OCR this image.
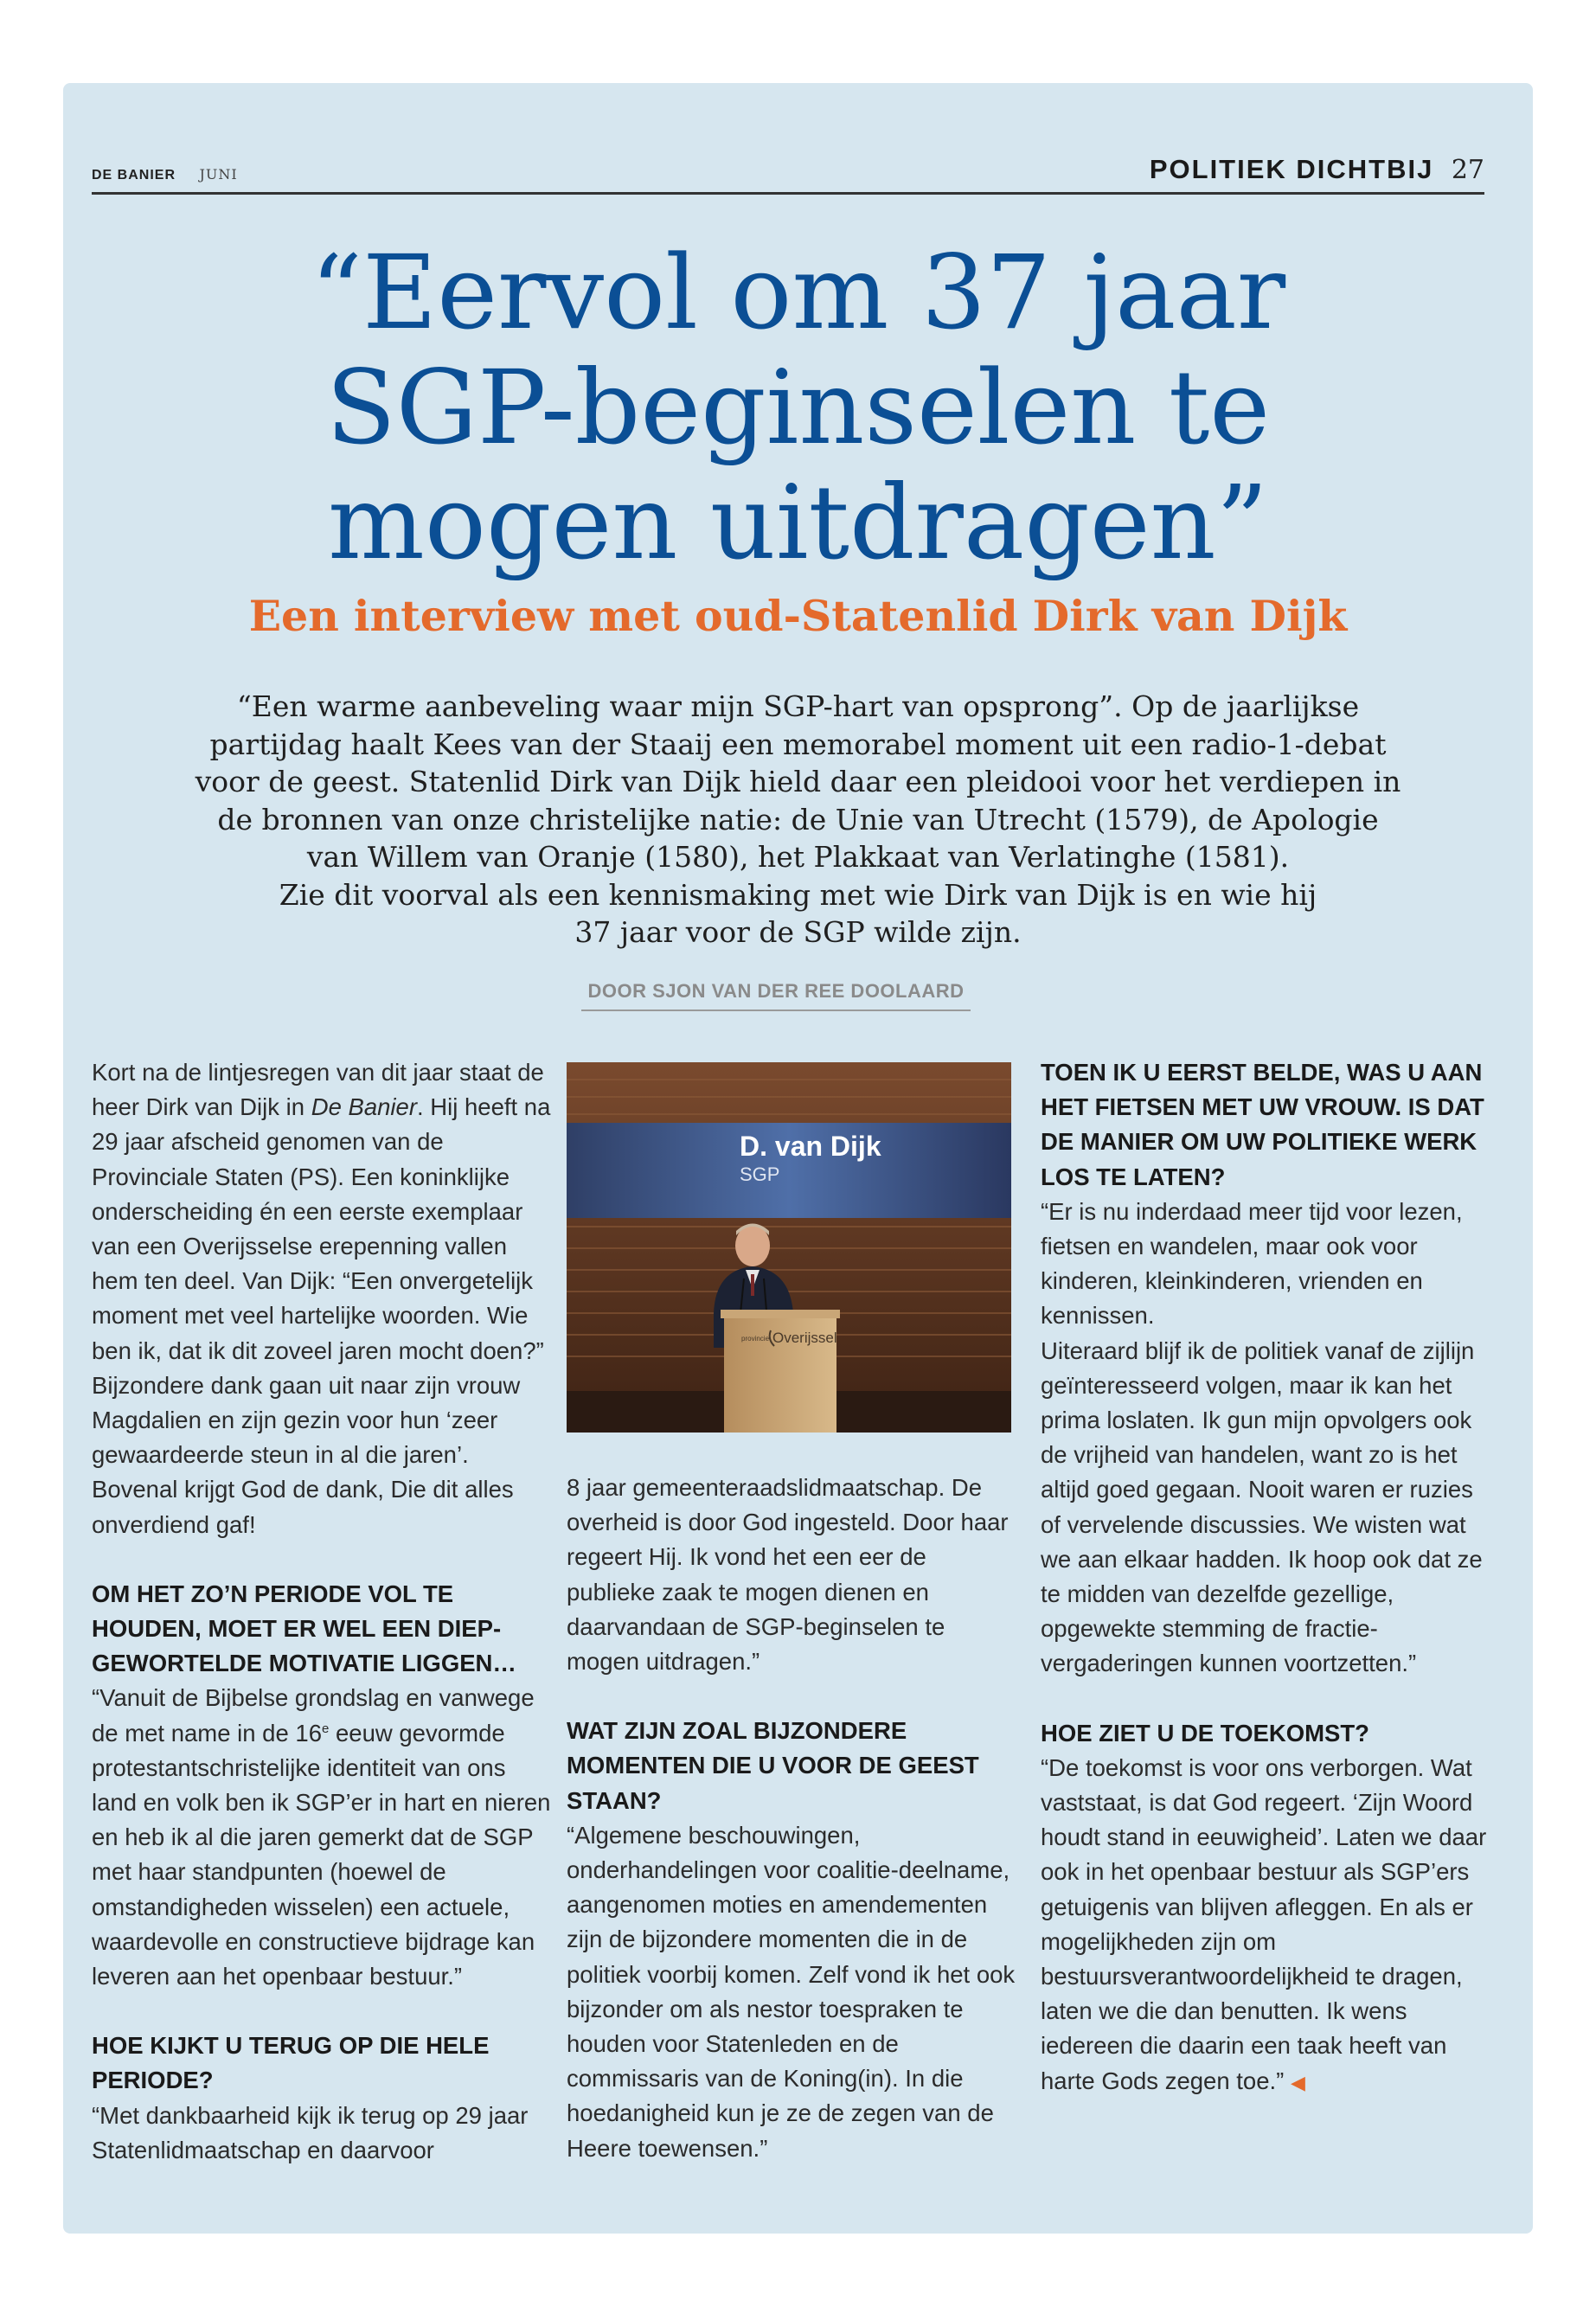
DE BANIER JUNI	POLITIEK DICHTBIJ 27
“Eervol om 37 jaar
SGP-beginselen te
mogen uitdragen”
Een interview met oud-Statenlid Dirk van Dijk
“Een warme aanbeveling waar mijn SGP-hart van opsprong”. Op de jaarlijkse
partijdag haalt Kees van der Staaij een memorabel moment uit een radio-1-debat
voor de geest. Statenlid Dirk van Dijk hield daar een pleidooi voor het verdiepen in
de bronnen van onze christelijke natie: de Unie van Utrecht (1579), de Apologie
van Willem van Oranje (1580), het Plakkaat van Verlatinghe (1581).
Zie dit voorval als een kennismaking met wie Dirk van Dijk is en wie hij
37 jaar voor de SGP wilde zijn.
DOOR SJON VAN DER REE DOOLAARD

Kort na de lintjesregen van dit jaar staat de heer Dirk van Dijk in De Banier. Hij heeft na 29 jaar afscheid genomen van de Provinciale Staten (PS). Een koninklijke onderscheiding én een eerste exemplaar van een Overijsselse erepenning vallen hem ten deel. Van Dijk: “Een onvergetelijk moment met veel hartelijke woorden. Wie ben ik, dat ik dit zoveel jaren mocht doen?” Bijzondere dank gaan uit naar zijn vrouw Magdalien en zijn gezin voor hun ‘zeer gewaardeerde steun in al die jaren’. Bovenal krijgt God de dank, Die dit alles onverdiend gaf!

OM HET ZO’N PERIODE VOL TE HOUDEN, MOET ER WEL EEN DIEP-GEWORTELDE MOTIVATIE LIGGEN…

“Vanuit de Bijbelse grondslag en vanwege de met name in de 16e eeuw gevormde protestantschristelijke identiteit van ons land en volk ben ik SGP’er in hart en nieren en heb ik al die jaren gemerkt dat de SGP met haar standpunten (hoewel de omstandigheden wisselen) een actuele, waardevolle en constructieve bijdrage kan leveren aan het openbaar bestuur.”

HOE KIJKT U TERUG OP DIE HELE PERIODE?

“Met dankbaarheid kijk ik terug op 29 jaar Statenlidmaatschap en daarvoor

D. van Dijk
SGP
provincie Overijssel

8 jaar gemeenteraadslidmaatschap. De overheid is door God ingesteld. Door haar regeert Hij. Ik vond het een eer de publieke zaak te mogen dienen en daarvandaan de SGP-beginselen te mogen uitdragen.”

WAT ZIJN ZOAL BIJZONDERE MOMENTEN DIE U VOOR DE GEEST STAAN?

“Algemene beschouwingen, onderhandelingen voor coalitie-deelname, aangenomen moties en amendementen zijn de bijzondere momenten die in de politiek voorbij komen. Zelf vond ik het ook bijzonder om als nestor toespraken te houden voor Statenleden en de commissaris van de Koning(in). In die hoedanigheid kun je ze de zegen van de Heere toewensen.”

TOEN IK U EERST BELDE, WAS U AAN HET FIETSEN MET UW VROUW. IS DAT DE MANIER OM UW POLITIEKE WERK LOS TE LATEN?

“Er is nu inderdaad meer tijd voor lezen, fietsen en wandelen, maar ook voor kinderen, kleinkinderen, vrienden en kennissen.

Uiteraard blijf ik de politiek vanaf de zijlijn geïnteresseerd volgen, maar ik kan het prima loslaten. Ik gun mijn opvolgers ook de vrijheid van handelen, want zo is het altijd goed gegaan. Nooit waren er ruzies of vervelende discussies. We wisten wat we aan elkaar hadden. Ik hoop ook dat ze te midden van dezelfde gezellige, opgewekte stemming de fractie-vergaderingen kunnen voortzetten.”

HOE ZIET U DE TOEKOMST?

“De toekomst is voor ons verborgen. Wat vaststaat, is dat God regeert. ‘Zijn Woord houdt stand in eeuwigheid’. Laten we daar ook in het openbaar bestuur als SGP’ers getuigenis van blijven afleggen. En als er mogelijkheden zijn om bestuursverantwoordelijkheid te dragen, laten we die dan benutten. Ik wens iedereen die daarin een taak heeft van harte Gods zegen toe.” ◀
